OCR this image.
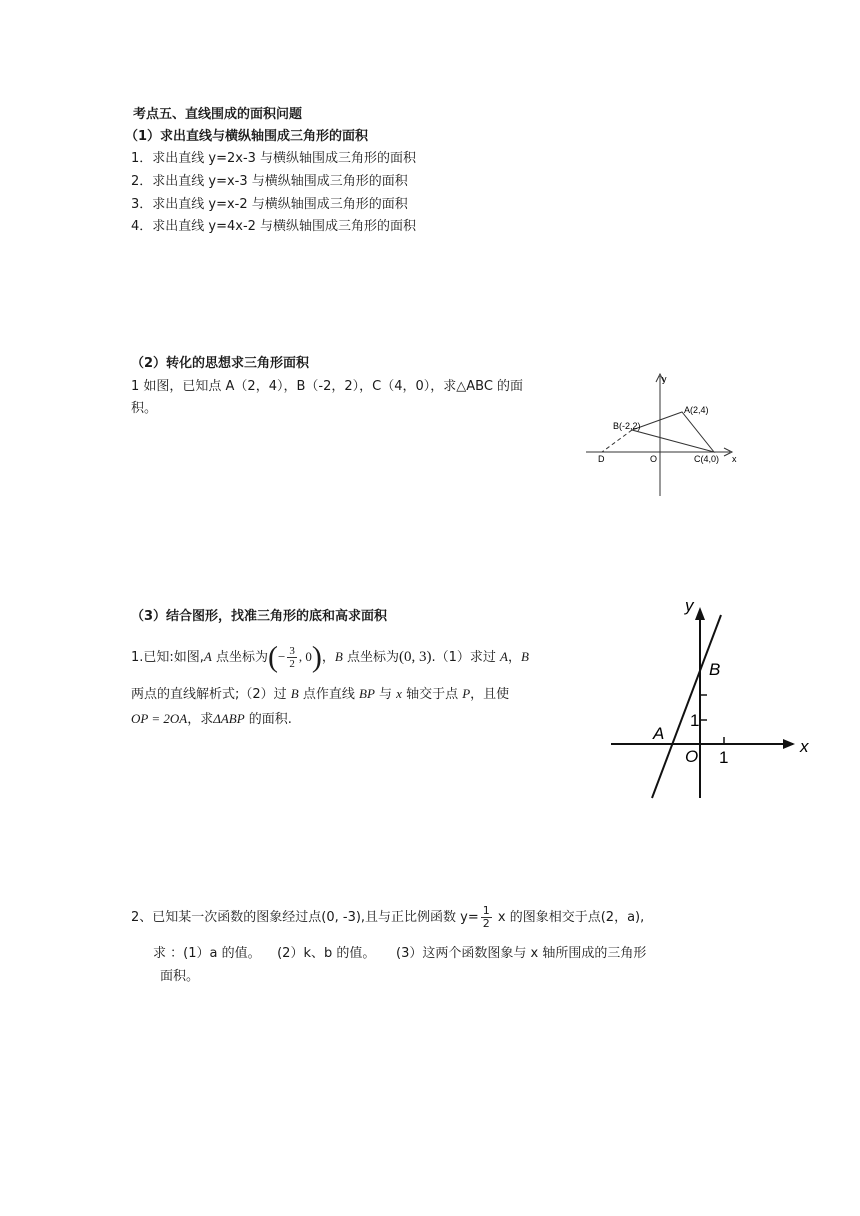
考点五、直线围成的面积问题
（1）求出直线与横纵轴围成三角形的面积
1．求出直线 y=2x-3 与横纵轴围成三角形的面积
2．求出直线 y=x-3 与横纵轴围成三角形的面积
3．求出直线 y=x-2 与横纵轴围成三角形的面积
4．求出直线 y=4x-2 与横纵轴围成三角形的面积
（2）转化的思想求三角形面积
1 如图，已知点 A（2，4），B（-2，2），C（4，0），求△ABC 的面
积。
x
y
A(2,4)
B(-2,2)
C(4,0)
D	O
（3）结合图形，找准三角形的底和高求面积
1.已知:如图,A 点坐标为(− $\frac{3}{2}$ , 0)，B 点坐标为(0, 3).（1）求过 A，B
两点的直线解析式;（2）过 B 点作直线 BP 与 x 轴交于点 P，且使
OP = 2OA，求ΔABP 的面积.
x
y
B
A
O 1
1
2、已知某一次函数的图象经过点(0, -3),且与正比例函数 $y= \frac{1}{2}$ x 的图象相交于点(2，a),
求 ：(1）a 的值。    (2）k、b 的值。     (3）这两个函数图象与 x 轴所围成的三角形
面积。
